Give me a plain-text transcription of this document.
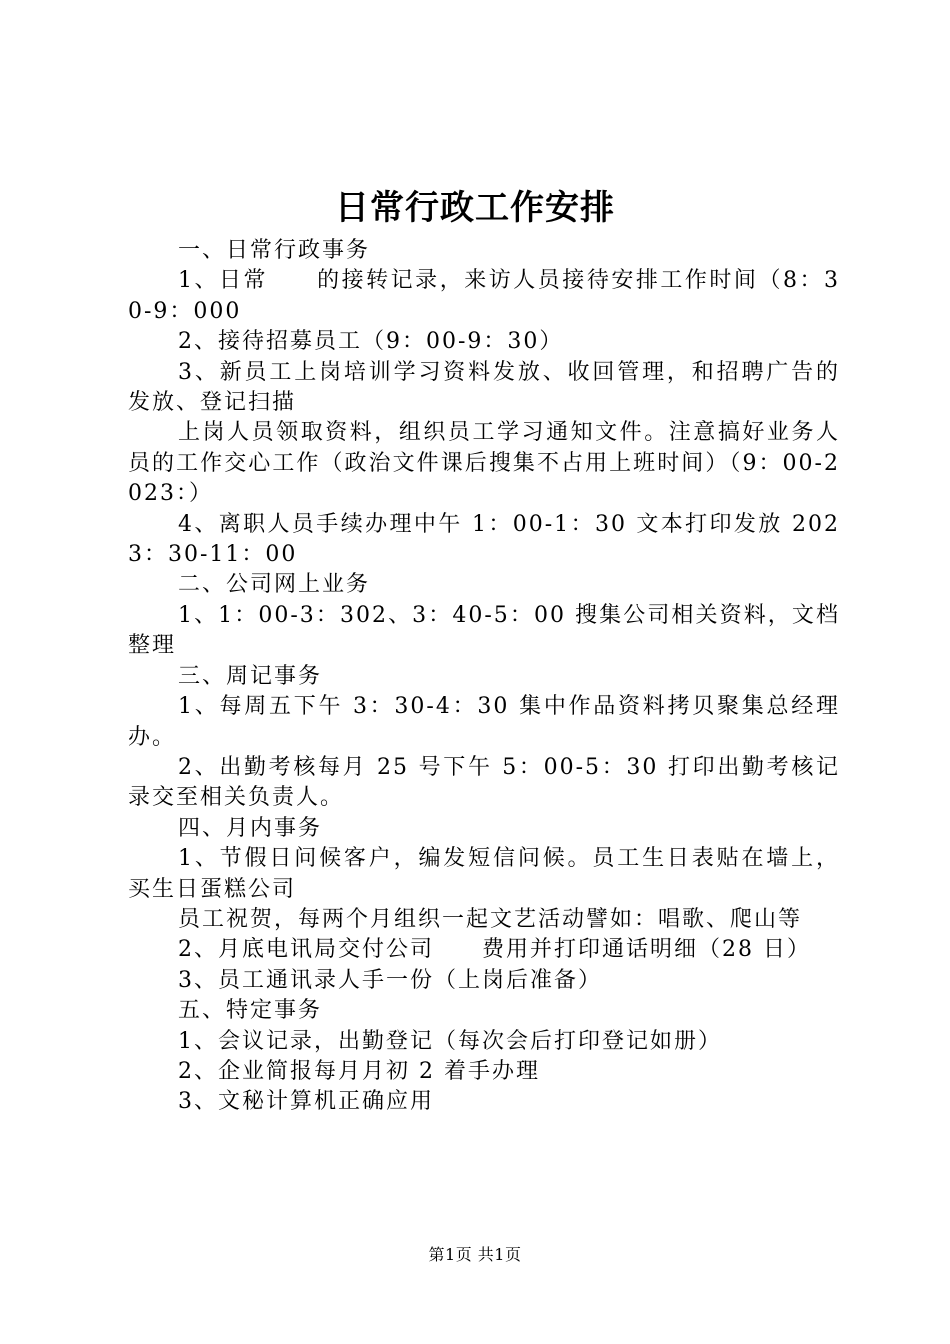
日常行政工作安排

一、日常行政事务

1、日常　　的接转记录，来访人员接待安排工作时间（8：30-9：000

2、接待招募员工（9：00-9：30）

3、新员工上岗培训学习资料发放、收回管理，和招聘广告的发放、登记扫描

上岗人员领取资料，组织员工学习通知文件。注意搞好业务人员的工作交心工作（政治文件课后搜集不占用上班时间）（9：00-2023：）

4、离职人员手续办理中午 1：00-1：30 文本打印发放 2023：30-11：00

二、公司网上业务

1、1：00-3：302、3：40-5：00 搜集公司相关资料，文档整理

三、周记事务

1、每周五下午 3：30-4：30 集中作品资料拷贝聚集总经理办。

2、出勤考核每月 25 号下午 5：00-5：30 打印出勤考核记录交至相关负责人。

四、月内事务

1、节假日问候客户，编发短信问候。员工生日表贴在墙上，买生日蛋糕公司

员工祝贺，每两个月组织一起文艺活动譬如：唱歌、爬山等

2、月底电讯局交付公司　　费用并打印通话明细（28 日）

3、员工通讯录人手一份（上岗后准备）

五、特定事务

1、会议记录，出勤登记（每次会后打印登记如册）

2、企业简报每月月初 2 着手办理

3、文秘计算机正确应用

第1页 共1页
